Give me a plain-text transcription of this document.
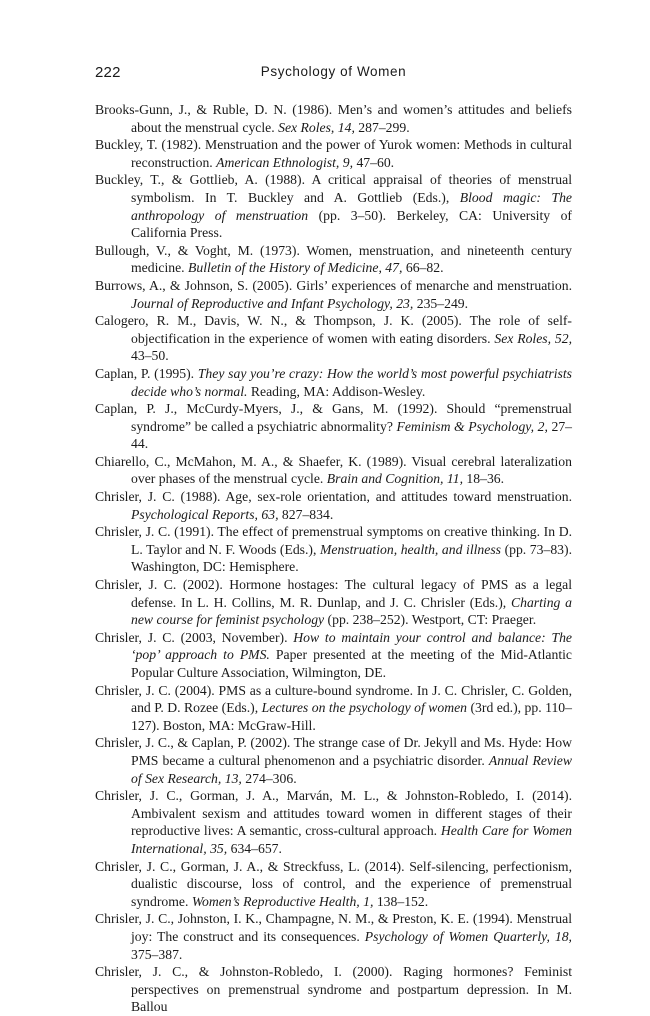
222	Psychology of Women
Brooks-Gunn, J., & Ruble, D. N. (1986). Men’s and women’s attitudes and beliefs about the menstrual cycle. Sex Roles, 14, 287–299.
Buckley, T. (1982). Menstruation and the power of Yurok women: Methods in cultural reconstruction. American Ethnologist, 9, 47–60.
Buckley, T., & Gottlieb, A. (1988). A critical appraisal of theories of menstrual symbolism. In T. Buckley and A. Gottlieb (Eds.), Blood magic: The anthropology of menstruation (pp. 3–50). Berkeley, CA: University of California Press.
Bullough, V., & Voght, M. (1973). Women, menstruation, and nineteenth century medicine. Bulletin of the History of Medicine, 47, 66–82.
Burrows, A., & Johnson, S. (2005). Girls’ experiences of menarche and menstruation. Journal of Reproductive and Infant Psychology, 23, 235–249.
Calogero, R. M., Davis, W. N., & Thompson, J. K. (2005). The role of self-objectification in the experience of women with eating disorders. Sex Roles, 52, 43–50.
Caplan, P. (1995). They say you’re crazy: How the world’s most powerful psychiatrists decide who’s normal. Reading, MA: Addison-Wesley.
Caplan, P. J., McCurdy-Myers, J., & Gans, M. (1992). Should “premenstrual syndrome” be called a psychiatric abnormality? Feminism & Psychology, 2, 27–44.
Chiarello, C., McMahon, M. A., & Shaefer, K. (1989). Visual cerebral lateralization over phases of the menstrual cycle. Brain and Cognition, 11, 18–36.
Chrisler, J. C. (1988). Age, sex-role orientation, and attitudes toward menstruation. Psychological Reports, 63, 827–834.
Chrisler, J. C. (1991). The effect of premenstrual symptoms on creative thinking. In D. L. Taylor and N. F. Woods (Eds.), Menstruation, health, and illness (pp. 73–83). Washington, DC: Hemisphere.
Chrisler, J. C. (2002). Hormone hostages: The cultural legacy of PMS as a legal defense. In L. H. Collins, M. R. Dunlap, and J. C. Chrisler (Eds.), Charting a new course for feminist psychology (pp. 238–252). Westport, CT: Praeger.
Chrisler, J. C. (2003, November). How to maintain your control and balance: The ‘pop’ approach to PMS. Paper presented at the meeting of the Mid-Atlantic Popular Culture Association, Wilmington, DE.
Chrisler, J. C. (2004). PMS as a culture-bound syndrome. In J. C. Chrisler, C. Golden, and P. D. Rozee (Eds.), Lectures on the psychology of women (3rd ed.), pp. 110–127). Boston, MA: McGraw-Hill.
Chrisler, J. C., & Caplan, P. (2002). The strange case of Dr. Jekyll and Ms. Hyde: How PMS became a cultural phenomenon and a psychiatric disorder. Annual Review of Sex Research, 13, 274–306.
Chrisler, J. C., Gorman, J. A., Marván, M. L., & Johnston-Robledo, I. (2014). Ambivalent sexism and attitudes toward women in different stages of their reproductive lives: A semantic, cross-cultural approach. Health Care for Women International, 35, 634–657.
Chrisler, J. C., Gorman, J. A., & Streckfuss, L. (2014). Self-silencing, perfectionism, dualistic discourse, loss of control, and the experience of premenstrual syndrome. Women’s Reproductive Health, 1, 138–152.
Chrisler, J. C., Johnston, I. K., Champagne, N. M., & Preston, K. E. (1994). Menstrual joy: The construct and its consequences. Psychology of Women Quarterly, 18, 375–387.
Chrisler, J. C., & Johnston-Robledo, I. (2000). Raging hormones? Feminist perspectives on premenstrual syndrome and postpartum depression. In M. Ballou
